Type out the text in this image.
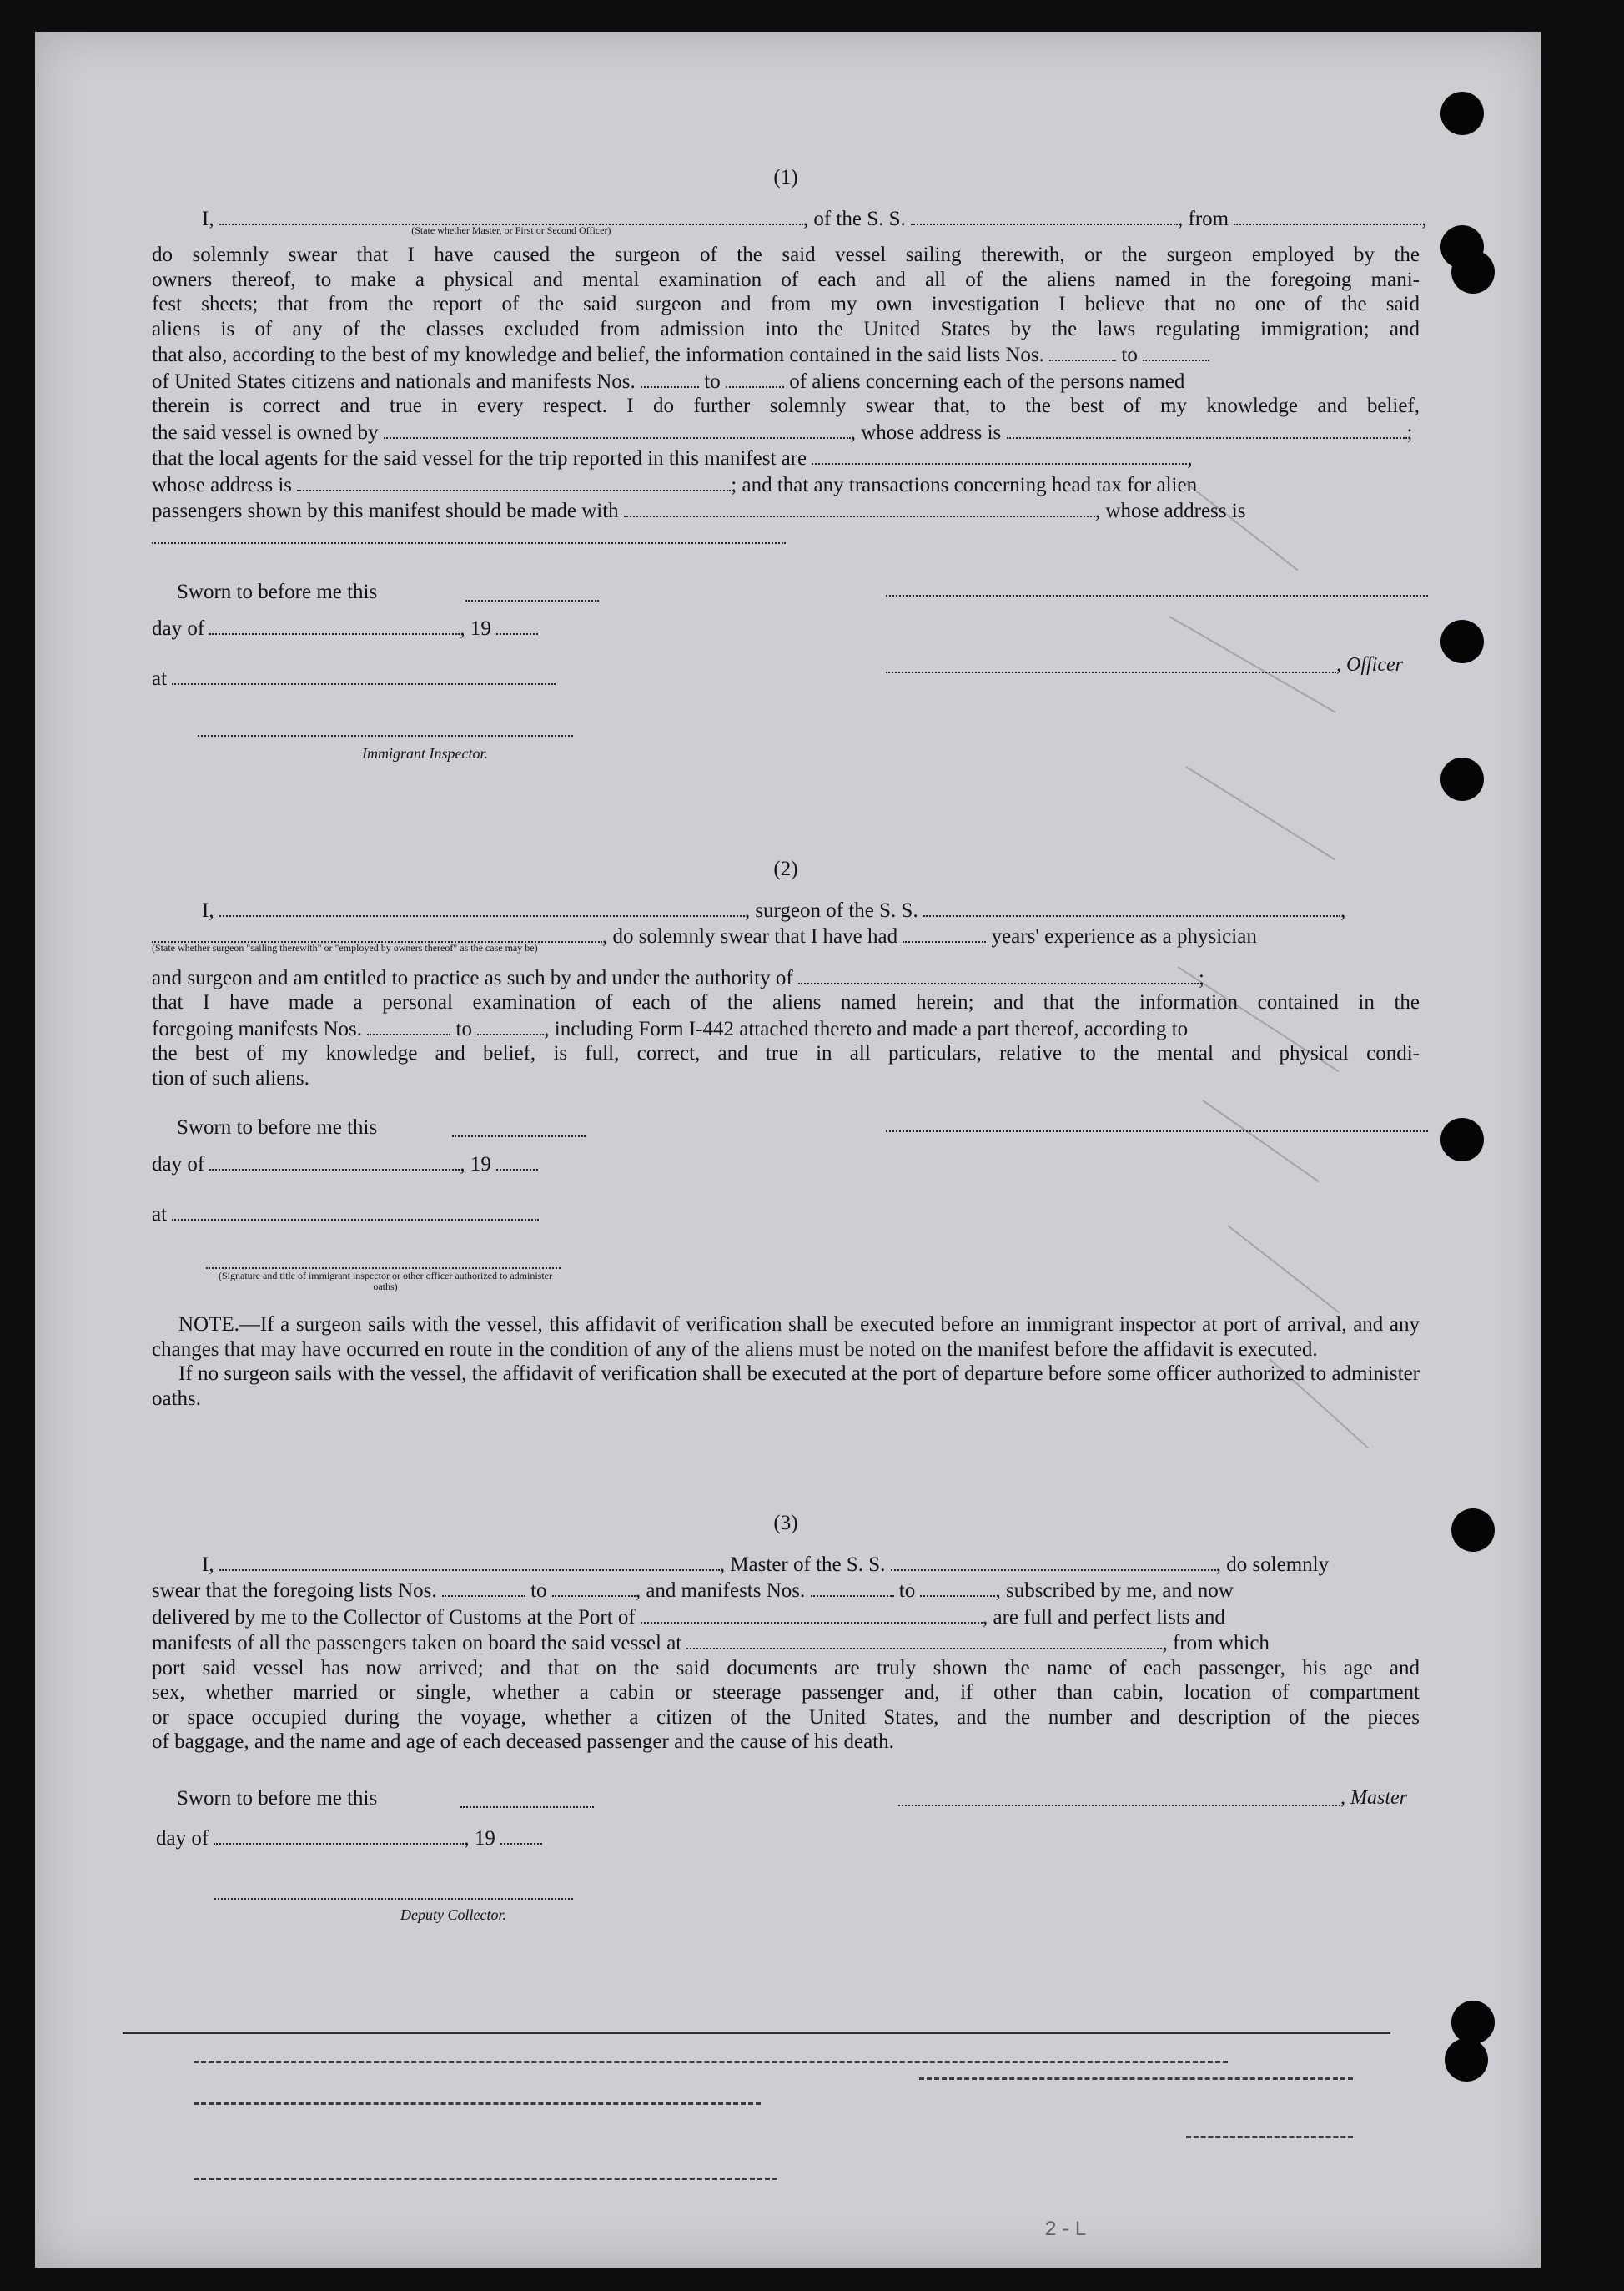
(1)
I,	(State whether Master, or First or Second Officer)	, of the S. S.	, from	,
do solemnly swear that I have caused the surgeon of the said vessel sailing therewith, or the surgeon employed by the
owners thereof, to make a physical and mental examination of each and all of the aliens named in the foregoing mani-
fest sheets; that from the report of the said surgeon and from my own investigation I believe that no one of the said
aliens is of any of the classes excluded from admission into the United States by the laws regulating immigration; and
that also, according to the best of my knowledge and belief, the information contained in the said lists Nos.	to
of United States citizens and nationals and manifests Nos.	to	of aliens concerning each of the persons named
therein is correct and true in every respect. I do further solemnly swear that, to the best of my knowledge and belief,
the said vessel is owned by	, whose address is	;
that the local agents for the said vessel for the trip reported in this manifest are	,
whose address is	; and that any transactions concerning head tax for alien
passengers shown by this manifest should be made with	, whose address is
Sworn to before me this
day of	, 19
at
Immigrant Inspector.
, Officer
(2)
I,	, surgeon of the S. S.	,
(State whether surgeon "sailing therewith" or "employed by owners thereof" as the case may be)	, do solemnly swear that I have had	years' experience as a physician
and surgeon and am entitled to practice as such by and under the authority of	;
that I have made a personal examination of each of the aliens named herein; and that the information contained in the
foregoing manifests Nos.	to	, including Form I-442 attached thereto and made a part thereof, according to
the best of my knowledge and belief, is full, correct, and true in all particulars, relative to the mental and physical condi-
tion of such aliens.
Sworn to before me this
day of	, 19
at
(Signature and title of immigrant inspector or other officer authorized to administer oaths)

NOTE.—If a surgeon sails with the vessel, this affidavit of verification shall be executed before an immigrant inspector at port of arrival, and any changes that may have occurred en route in the condition of any of the aliens must be noted on the manifest before the affidavit is executed.

If no surgeon sails with the vessel, the affidavit of verification shall be executed at the port of departure before some officer authorized to administer oaths.

(3)
I,	, Master of the S. S.	, do solemnly
swear that the foregoing lists Nos.	to	, and manifests Nos.	to	, subscribed by me, and now
delivered by me to the Collector of Customs at the Port of	, are full and perfect lists and
manifests of all the passengers taken on board the said vessel at	, from which
port said vessel has now arrived; and that on the said documents are truly shown the name of each passenger, his age and
sex, whether married or single, whether a cabin or steerage passenger and, if other than cabin, location of compartment
or space occupied during the voyage, whether a citizen of the United States, and the number and description of the pieces
of baggage, and the name and age of each deceased passenger and the cause of his death.
Sworn to before me this
day of	, 19
Deputy Collector.
, Master
2-L
